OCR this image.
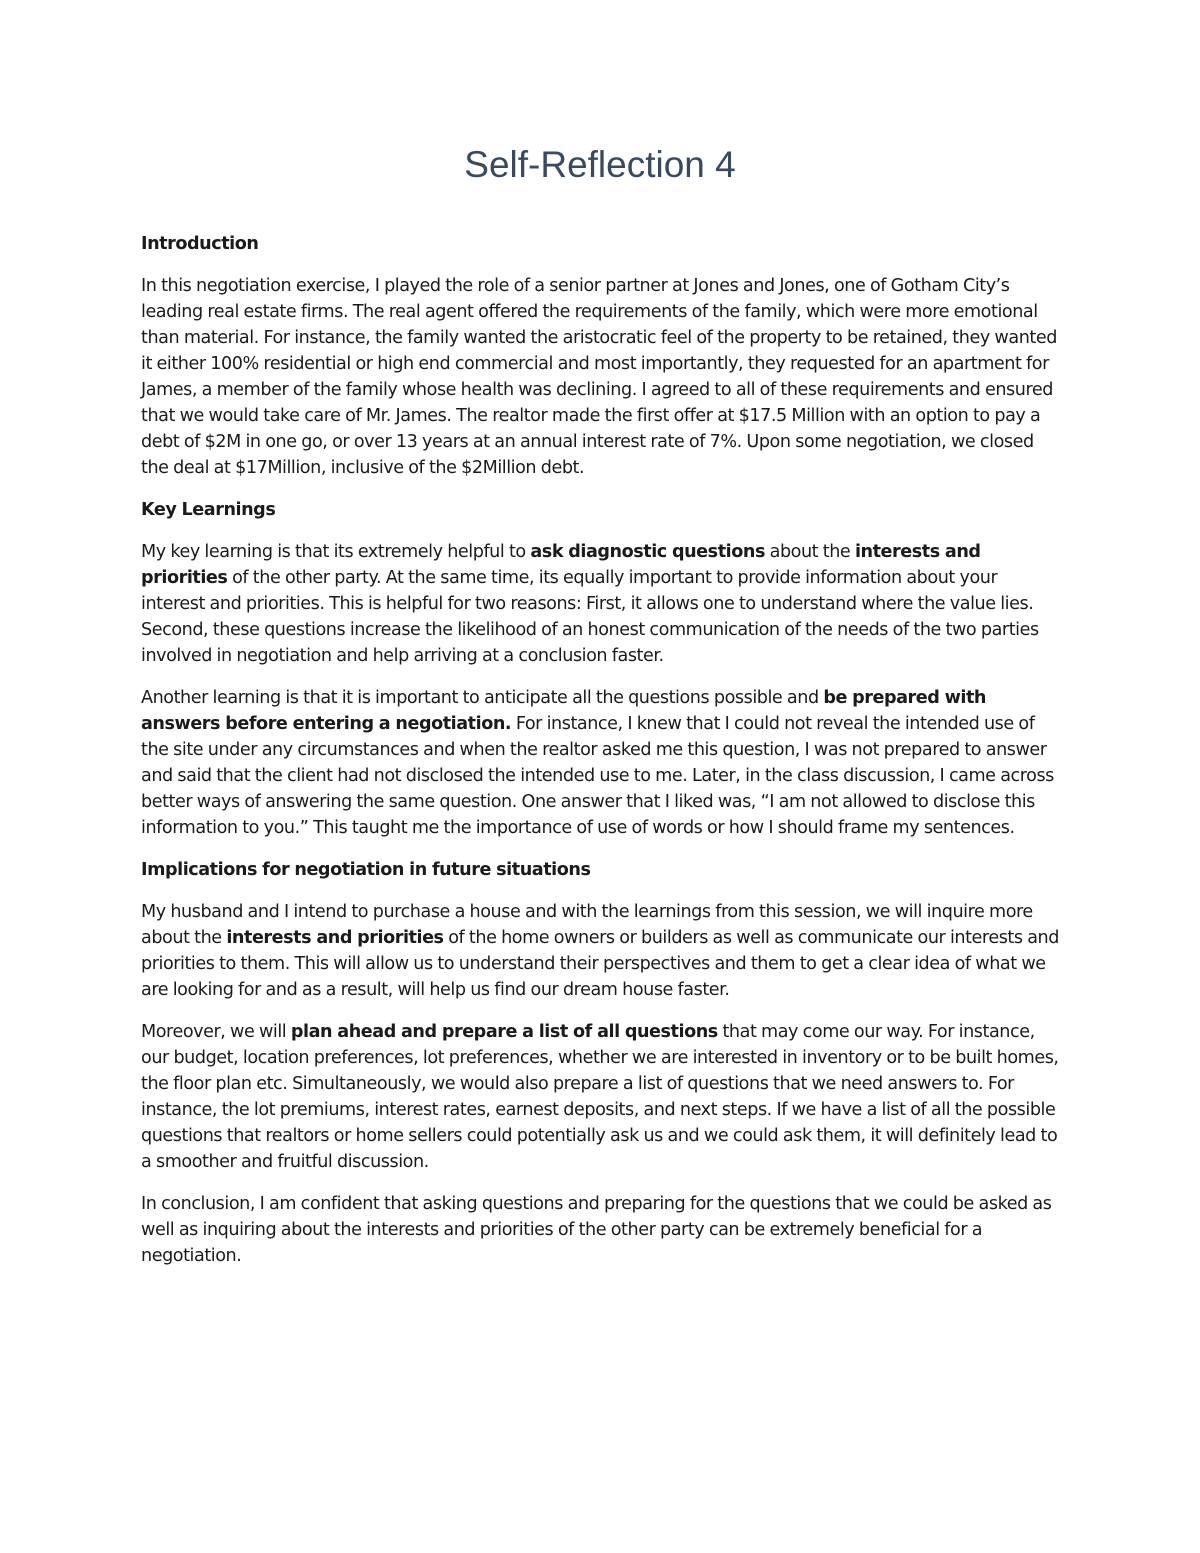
Self-Reflection 4
Introduction

In this negotiation exercise, I played the role of a senior partner at Jones and Jones, one of Gotham City’s leading real estate firms. The real agent offered the requirements of the family, which were more emotional than material. For instance, the family wanted the aristocratic feel of the property to be retained, they wanted it either 100% residential or high end commercial and most importantly, they requested for an apartment for James, a member of the family whose health was declining. I agreed to all of these requirements and ensured that we would take care of Mr. James. The realtor made the first offer at $17.5 Million with an option to pay a debt of $2M in one go, or over 13 years at an annual interest rate of 7%. Upon some negotiation, we closed the deal at $17Million, inclusive of the $2Million debt.

Key Learnings

My key learning is that its extremely helpful to ask diagnostic questions about the interests and priorities of the other party. At the same time, its equally important to provide information about your interest and priorities. This is helpful for two reasons: First, it allows one to understand where the value lies. Second, these questions increase the likelihood of an honest communication of the needs of the two parties involved in negotiation and help arriving at a conclusion faster.

Another learning is that it is important to anticipate all the questions possible and be prepared with answers before entering a negotiation. For instance, I knew that I could not reveal the intended use of the site under any circumstances and when the realtor asked me this question, I was not prepared to answer and said that the client had not disclosed the intended use to me. Later, in the class discussion, I came across better ways of answering the same question. One answer that I liked was, “I am not allowed to disclose this information to you.” This taught me the importance of use of words or how I should frame my sentences.

Implications for negotiation in future situations

My husband and I intend to purchase a house and with the learnings from this session, we will inquire more about the interests and priorities of the home owners or builders as well as communicate our interests and priorities to them. This will allow us to understand their perspectives and them to get a clear idea of what we are looking for and as a result, will help us find our dream house faster.

Moreover, we will plan ahead and prepare a list of all questions that may come our way. For instance, our budget, location preferences, lot preferences, whether we are interested in inventory or to be built homes, the floor plan etc. Simultaneously, we would also prepare a list of questions that we need answers to. For instance, the lot premiums, interest rates, earnest deposits, and next steps. If we have a list of all the possible questions that realtors or home sellers could potentially ask us and we could ask them, it will definitely lead to a smoother and fruitful discussion.

In conclusion, I am confident that asking questions and preparing for the questions that we could be asked as well as inquiring about the interests and priorities of the other party can be extremely beneficial for a negotiation.
